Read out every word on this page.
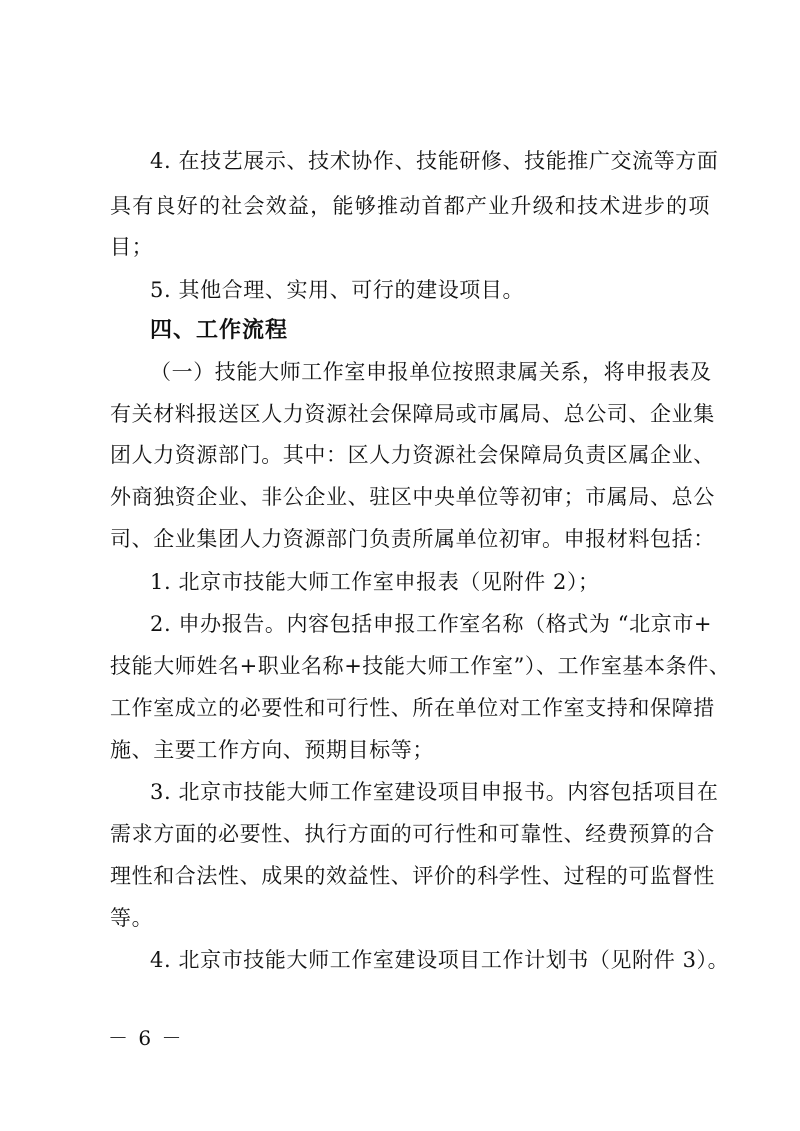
4. 在技艺展示、技术协作、技能研修、技能推广交流等方面
具有良好的社会效益，能够推动首都产业升级和技术进步的项
目；
5. 其他合理、实用、可行的建设项目。
四、工作流程
（一）技能大师工作室申报单位按照隶属关系，将申报表及
有关材料报送区人力资源社会保障局或市属局、总公司、企业集
团人力资源部门。其中：区人力资源社会保障局负责区属企业、
外商独资企业、非公企业、驻区中央单位等初审；市属局、总公
司、企业集团人力资源部门负责所属单位初审。申报材料包括：
1. 北京市技能大师工作室申报表（见附件 2）；
2. 申办报告。内容包括申报工作室名称（格式为 “北京市+
技能大师姓名+职业名称+技能大师工作室”）、工作室基本条件、
工作室成立的必要性和可行性、所在单位对工作室支持和保障措
施、主要工作方向、预期目标等；
3. 北京市技能大师工作室建设项目申报书。内容包括项目在
需求方面的必要性、执行方面的可行性和可靠性、经费预算的合
理性和合法性、成果的效益性、评价的科学性、过程的可监督性
等。
4. 北京市技能大师工作室建设项目工作计划书（见附件 3）。
－ 6 －
